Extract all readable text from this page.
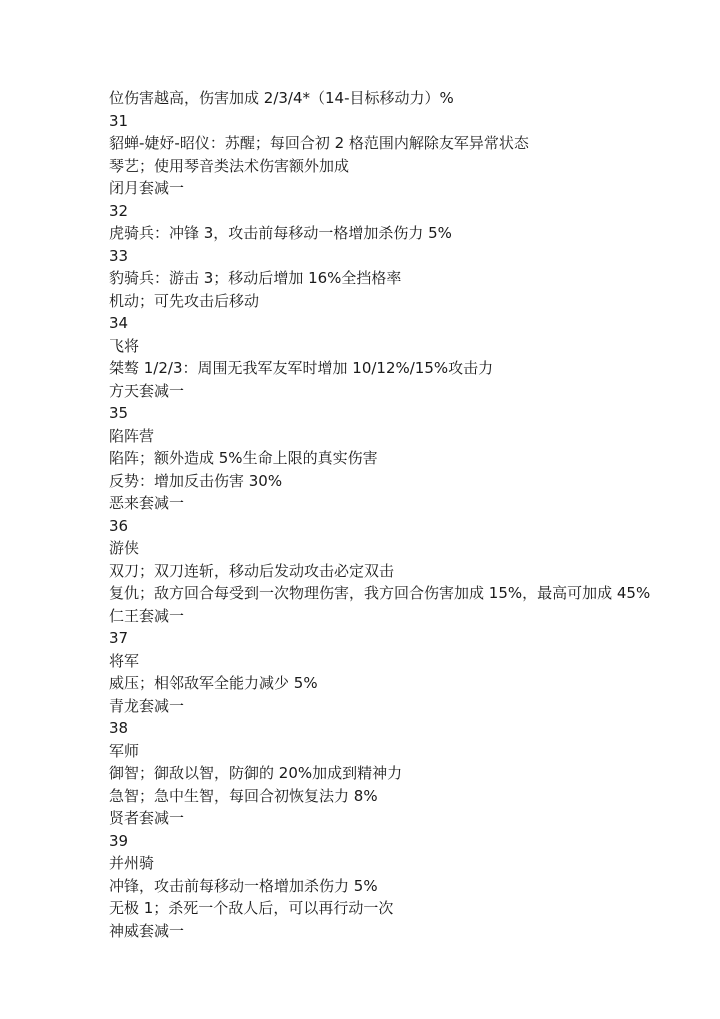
位伤害越高，伤害加成 2/3/4*（14-目标移动力）%
31
貂蝉-婕妤-昭仪：苏醒；每回合初 2 格范围内解除友军异常状态
琴艺；使用琴音类法术伤害额外加成
闭月套减一
32
虎骑兵：冲锋 3，攻击前每移动一格增加杀伤力 5%
33
豹骑兵：游击 3；移动后增加 16%全挡格率
机动；可先攻击后移动
34
飞将
桀骜 1/2/3：周围无我军友军时增加 10/12%/15%攻击力
方天套减一
35
陷阵营
陷阵；额外造成 5%生命上限的真实伤害
反势：增加反击伤害 30%
恶来套减一
36
游侠
双刀；双刀连斩，移动后发动攻击必定双击
复仇；敌方回合每受到一次物理伤害，我方回合伤害加成 15%，最高可加成 45%
仁王套减一
37
将军
威压；相邻敌军全能力减少 5%
青龙套减一
38
军师
御智；御敌以智，防御的 20%加成到精神力
急智；急中生智，每回合初恢复法力 8%
贤者套减一
39
并州骑
冲锋，攻击前每移动一格增加杀伤力 5%
无极 1；杀死一个敌人后，可以再行动一次
神威套减一
